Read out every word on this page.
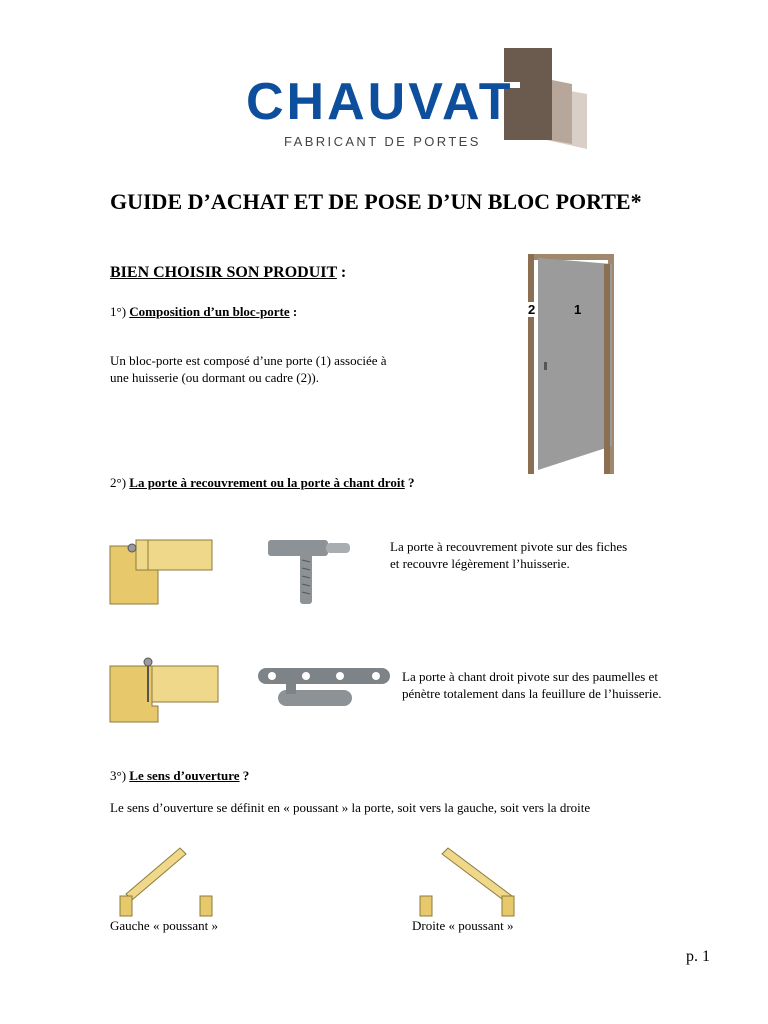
CHAUVAT
FABRICANT DE PORTES
GUIDE D’ACHAT ET DE POSE D’UN BLOC PORTE*
BIEN CHOISIR SON PRODUIT :
1°) Composition d’un bloc-porte :
Un bloc-porte est composé d’une porte (1) associée à
une huisserie (ou dormant ou cadre (2)).
2	1
2°) La porte à recouvrement ou la porte à chant droit ?
La porte à recouvrement pivote sur des fiches
et recouvre légèrement l’huisserie.
La porte à chant droit pivote sur des paumelles et
pénètre totalement dans la feuillure de l’huisserie.
3°) Le sens d’ouverture ?
Le sens d’ouverture se définit en « poussant » la porte, soit vers la gauche, soit vers la droite
Gauche « poussant »	Droite « poussant »
p. 1
